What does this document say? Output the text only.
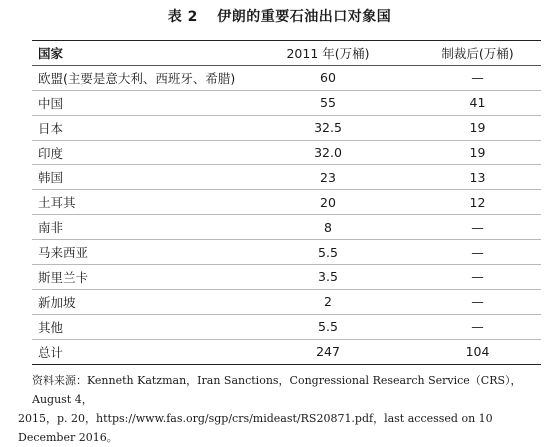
表 2 伊朗的重要石油出口对象国
国家	2011 年(万桶)	制裁后(万桶)
欧盟(主要是意大利、西班牙、希腊)	60	—
中国	55	41
日本	32.5	19
印度	32.0	19
韩国	23	13
土耳其	20	12
南非	8	—
马来西亚	5.5	—
斯里兰卡	3.5	—
新加坡	2	—
其他	5.5	—
总计	247	104
资料来源：Kenneth Katzman，Iran Sanctions，Congressional Research Service（CRS），August 4，
2015，p. 20，https://www.fas.org/sgp/crs/mideast/RS20871.pdf，last accessed on 10 December 2016。
